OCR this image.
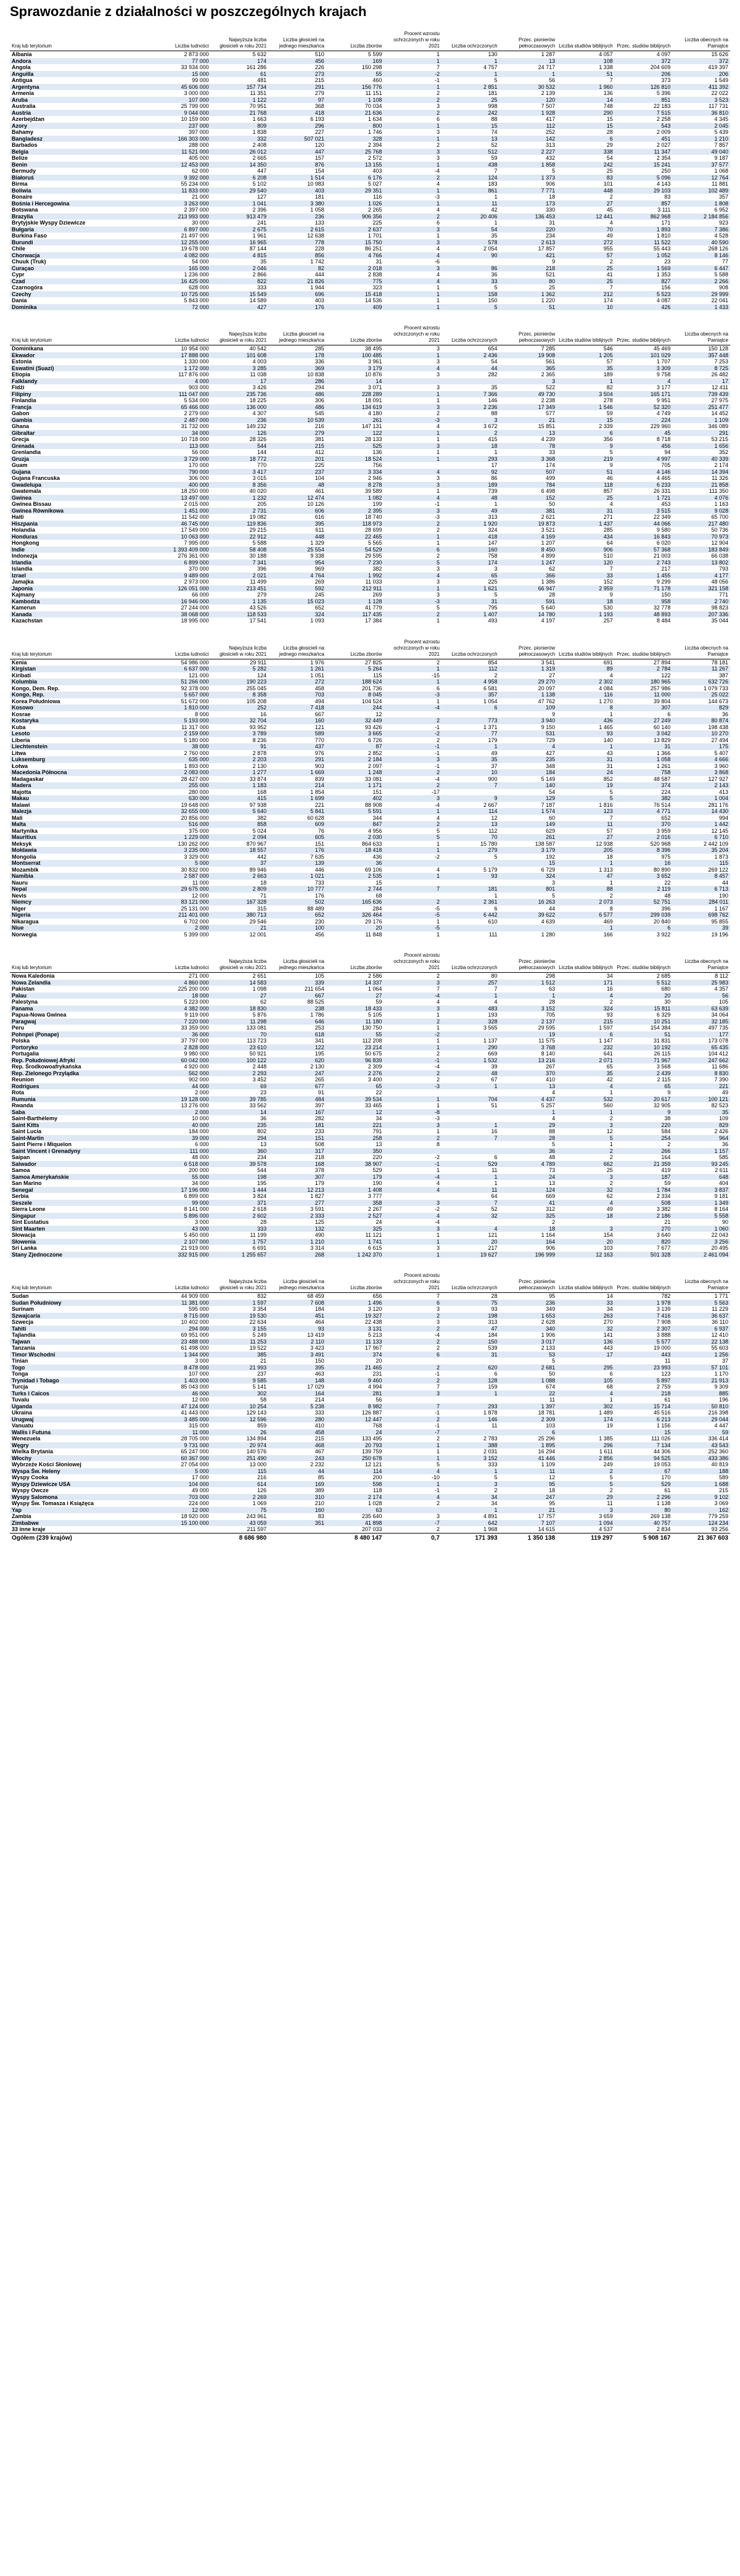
Sprawozdanie z działalności w poszczególnych krajach
Kraj lub terytorium	Liczba ludności	Najwyższa liczba głosicieli w roku 2021	Liczba głosicieli na jednego mieszkańca	Liczba zborów	Procent wzrostu ochrzczonych w roku 2021	Liczba ochrzczonych	Przec. pionierów pełnoczasowych	Liczba studiów biblijnych	Przec. studiów biblijnych	Liczba obecnych na Pamiątce
Albania	2 873 000	5 632	510	5 599	1	130	1 287	4 057	4 097	15 626
Andora	77 000	174	456	169	1	1	13	108	372	372
Angola	33 934 000	161 286	226	150 298	7	4 757	24 717	1 338	204 609	419 397
Anguilla	15 000	61	273	55	-2	1	1	51	206	206
Antigua	99 000	481	215	460	-1	5	56	7	373	1 549
Argentyna	45 606 000	157 734	291	156 776	1	2 851	30 532	1 960	126 810	411 392
Armenia	3 000 000	11 351	279	11 151	2	181	2 139	136	5 396	22 022
Aruba	107 000	1 122	97	1 108	2	25	120	14	851	3 523
Australia	25 799 000	70 951	368	70 034	3	998	7 507	748	22 183	117 731
Austria	9 044 000	21 768	418	21 636	2	242	1 928	290	7 515	36 810
Azerbejdżan	10 159 000	1 663	6 193	1 634	6	88	417	15	2 258	4 345
Azory	237 000	809	296	800	1	15	112	15	543	2 045
Bahamy	397 000	1 838	227	1 746	3	74	252	28	2 009	5 439
Bangladesz	166 303 000	332	507 021	328	1	13	142	6	451	1 210
Barbados	288 000	2 408	120	2 394	2	52	313	29	2 027	7 857
Belgia	11 521 000	26 012	447	25 768	3	512	2 227	338	11 347	49 040
Belize	405 000	2 665	157	2 572	3	59	432	54	2 354	9 187
Benin	12 453 000	14 350	876	13 155	1	438	1 858	242	15 241	37 577
Bermudy	62 000	447	154	403	-4	7	5	25	250	1 068
Białoruś	9 392 000	6 208	1 514	6 176	2	124	1 373	83	5 096	12 764
Birma	55 234 000	5 102	10 983	5 027	4	183	906	101	4 143	11 881
Boliwia	11 833 000	29 540	403	29 351	1	861	7 771	448	29 103	102 489
Bonaire	21 000	127	181	116	-3	1	18	2	83	357
Bośnia i Hercegowina	3 263 000	1 041	3 380	1 026	1	11	173	27	857	1 808
Botswana	2 397 000	2 396	1 058	2 265	4	42	330	45	3 111	6 952
Brazylia	213 993 000	913 479	236	906 356	2	20 406	136 453	12 441	862 968	2 184 856
Brytyjskie Wyspy Dziewicze	30 000	241	133	225	6	1	31	4	171	923
Bułgaria	6 897 000	2 675	2 615	2 637	3	54	220	70	1 893	7 386
Burkina Faso	21 497 000	1 961	12 638	1 701	1	35	234	49	1 810	4 528
Burundi	12 255 000	16 965	778	15 750	3	578	2 613	272	11 522	40 590
Chile	19 678 000	87 144	228	86 251	4	2 054	17 857	955	55 443	268 126
Chorwacja	4 082 000	4 815	856	4 766	4	90	421	57	1 052	8 146
Chuuk (Truk)	54 000	35	1 742	31	-6		9	2	23	77
Curaçao	165 000	2 046	82	2 018	3	86	218	25	1 569	6 447
Cypr	1 236 000	2 866	444	2 838	4	36	521	41	1 353	5 588
Czad	16 425 000	822	21 826	775	4	33	80	25	827	2 266
Czarnogóra	628 000	333	1 944	323	1	5	25	7	156	908
Czechy	10 725 000	15 549	696	15 418	1	158	1 362	212	5 523	29 999
Dania	5 843 000	14 589	403	14 536	1	150	1 220	174	4 087	22 041
Dominika	72 000	427	176	409	1	5	51	10	426	1 433
Kraj lub terytorium	Liczba ludności	Najwyższa liczba głosicieli w roku 2021	Liczba głosicieli na jednego mieszkańca	Liczba zborów	Procent wzrostu ochrzczonych w roku 2021	Liczba ochrzczonych	Przec. pionierów pełnoczasowych	Liczba studiów biblijnych	Przec. studiów biblijnych	Liczba obecnych na Pamiątce
Dominikana	10 954 000	40 542	285	38 495	3	654	7 285	546	45 469	150 128
Ekwador	17 888 000	101 608	178	100 485	1	2 436	19 908	1 205	101 029	357 448
Estonia	1 330 000	4 003	336	3 961	3	54	561	57	1 707	7 253
Eswatini (Suazi)	1 172 000	3 285	369	3 179	4	44	365	35	3 309	8 725
Etiopia	117 876 000	11 038	10 838	10 876	3	282	2 365	189	9 758	26 482
Falklandy	4 000	17	286	14			3	1	4	17
Fidżi	903 000	3 426	294	3 071	3	35	522	82	3 177	12 411
Filipiny	111 047 000	235 736	486	228 289	1	7 366	49 730	3 504	165 171	739 439
Finlandia	5 534 000	18 225	306	18 091	1	146	2 238	278	9 951	27 975
Francja	65 466 000	136 000	486	134 619	3	2 236	17 349	1 546	52 320	251 477
Gabon	2 279 000	4 307	545	4 180	2	88	577	59	4 749	14 452
Gambia	2 487 000	236	10 539	261	-3	3	21	15	224	1 109
Ghana	31 732 000	149 232	216	147 131	4	3 672	15 851	2 339	229 960	346 089
Gibraltar	34 000	126	279	122	1	2	13	6	45	291
Grecja	10 718 000	28 326	381	28 133	1	415	4 239	356	8 718	53 215
Grenada	113 000	544	215	525	3	18	78	9	456	1 656
Grenlandia	56 000	144	412	136	1	1	33	5	94	352
Gruzja	3 729 000	18 772	201	18 524	1	293	3 368	219	4 997	40 339
Guam	170 000	770	225	756		17	174	9	705	2 174
Gujana	790 000	3 417	237	3 334	4	92	507	51	4 146	14 394
Gujana Francuska	306 000	3 015	104	2 946	3	86	499	46	4 465	11 326
Gwadelupa	400 000	8 356	48	8 278	3	189	784	118	6 233	21 858
Gwatemala	18 250 000	40 020	461	39 589	1	739	6 498	857	26 331	111 350
Gwinea	13 497 000	1 232	12 474	1 082	4	48	152	25	1 721	4 076
Gwinea Bissau	2 015 000	205	10 126	199	-1	1	50	4	453	1 163
Gwinea Równikowa	1 451 000	2 731	606	2 395	3	49	381	31	3 515	9 028
Haiti	11 542 000	19 082	616	18 740	-3	313	2 621	271	22 349	65 700
Hiszpania	46 745 000	119 836	395	118 973	2	1 920	19 873	1 437	44 066	217 480
Holandia	17 549 000	29 215	611	28 699	2	324	3 521	285	9 580	50 736
Honduras	10 063 000	22 912	448	22 465	1	418	4 169	434	16 843	70 973
Hongkong	7 995 000	5 588	1 329	5 565	1	147	1 207	64	6 020	12 904
Indie	1 393 409 000	58 408	25 554	54 529	6	160	8 450	906	57 368	183 849
Indonezja	276 361 000	30 188	9 338	29 595	2	758	4 899	510	21 003	66 038
Irlandia	6 899 000	7 341	954	7 230	5	174	1 247	120	2 743	13 802
Islandia	370 000	396	969	382	3	3	62	7	217	793
Izrael	9 489 000	2 021	4 764	1 992	4	65	366	33	1 455	4 177
Jamajka	2 973 000	11 499	269	11 033	3	225	1 386	152	9 299	48 056
Japonia	126 051 000	213 451	592	212 911	1	1 621	66 947	2 959	71 178	321 158
Kajmany	66 000	279	245	269	3	5	28	9	150	771
Kambodża	16 946 000	1 135	15 023	1 128	-3	31	591	18	958	2 740
Kamerun	27 244 000	43 526	652	41 779	5	795	5 640	530	32 778	98 823
Kanada	38 068 000	118 533	324	117 435	2	1 407	14 780	1 193	48 893	207 336
Kazachstan	18 995 000	17 541	1 093	17 384	1	493	4 197	257	8 484	35 044
Kraj lub terytorium	Liczba ludności	Najwyższa liczba głosicieli w roku 2021	Liczba głosicieli na jednego mieszkańca	Liczba zborów	Procent wzrostu ochrzczonych w roku 2021	Liczba ochrzczonych	Przec. pionierów pełnoczasowych	Liczba studiów biblijnych	Przec. studiów biblijnych	Liczba obecnych na Pamiątce
Kenia	54 986 000	29 911	1 976	27 825	2	854	3 541	691	27 894	78 181
Kirgistan	6 637 000	5 282	1 261	5 264	1	112	1 319	89	2 784	11 267
Kiribati	121 000	124	1 051	115	-15	2	27	4	122	387
Kolumbia	51 266 000	190 223	272	188 624	1	4 958	29 270	2 302	180 965	632 726
Kongo, Dem. Rep.	92 378 000	255 045	458	201 736	6	6 581	20 097	4 084	257 986	1 079 733
Kongo, Rep.	5 657 000	8 358	703	8 045	-3	357	1 138	116	11 000	25 022
Korea Południowa	51 672 000	105 208	494	104 524	1	1 054	47 762	1 270	39 804	144 673
Kosowo	1 810 000	252	7 418	244	-4	6	109	8	307	829
Kosrae	8 000	16	667	12			9	1	6	36
Kostaryka	5 193 000	32 704	160	32 449	2	773	3 940	436	27 249	80 874
Kuba	11 317 000	93 952	121	93 426	-1	1 371	9 150	1 465	60 140	198 438
Lesoto	2 159 000	3 789	589	3 665	-2	77	531	93	3 042	10 270
Liberia	5 180 000	8 236	770	6 726	2	179	729	140	13 829	27 494
Liechtenstein	38 000	91	437	87	-1	1	4	1	31	175
Litwa	2 760 000	2 878	976	2 852	-1	49	427	43	1 366	5 407
Luksemburg	635 000	2 203	291	2 184	3	35	235	31	1 058	4 666
Łotwa	1 893 000	2 130	903	2 097	-1	37	348	31	1 261	3 960
Macedonia Północna	2 083 000	1 277	1 669	1 248	2	10	184	24	758	3 868
Madagaskar	28 427 000	33 874	839	33 081	-4	900	5 149	852	48 587	127 927
Madera	255 000	1 183	214	1 171	2	7	140	19	374	2 143
Majotta	280 000	168	1 854	151	-17		54	5	224	413
Makau	630 000	415	1 699	402	3	9	129	5	382	1 004
Malawi	19 648 000	97 938	221	88 908	-4	2 667	7 187	1 816	76 514	281 176
Malezja	32 655 000	5 640	5 841	5 591	1	114	1 574	123	4 771	14 430
Mali	20 856 000	382	60 628	344	4	12	60	7	652	994
Malta	516 000	858	609	847	2	13	149	11	370	1 442
Martynika	375 000	5 024	76	4 956	5	112	629	57	3 959	12 145
Mauritius	1 229 000	2 094	605	2 030	5	70	261	27	2 016	6 710
Meksyk	130 262 000	870 967	151	864 633	1	15 780	138 587	12 938	520 968	2 442 109
Mołdawia	3 235 000	18 557	176	18 418	1	279	3 179	205	8 396	35 204
Mongolia	3 329 000	442	7 635	436	-2	5	192	18	975	1 873
Montserrat	5 000	37	139	36			15	1	16	115
Mozambik	30 832 000	89 946	446	69 106	4	5 179	6 729	1 313	80 890	269 122
Namibia	2 587 000	2 663	1 021	2 535	1	93	324	47	3 652	8 457
Nauru	11 000	18	733	15			3	1	22	44
Nepal	29 675 000	2 809	10 777	2 744	7	181	801	88	2 119	6 713
Nevis	12 000	71	176	68		1	5	2	48	190
Niemcy	83 121 000	167 328	502	165 636	2	2 361	16 263	2 073	52 751	284 011
Niger	25 131 000	315	88 489	284	-5	6	44	8	396	1 167
Nigeria	211 401 000	380 713	652	326 464	-5	6 442	39 622	6 577	299 039	698 762
Nikaragua	6 702 000	29 546	230	29 176	1	610	4 639	469	20 840	95 855
Niue	2 000	21	100	20	-5			1	6	39
Norwegia	5 399 000	12 001	456	11 848	1	111	1 280	166	3 922	19 196
Kraj lub terytorium	Liczba ludności	Najwyższa liczba głosicieli w roku 2021	Liczba głosicieli na jednego mieszkańca	Liczba zborów	Procent wzrostu ochrzczonych w roku 2021	Liczba ochrzczonych	Przec. pionierów pełnoczasowych	Liczba studiów biblijnych	Przec. studiów biblijnych	Liczba obecnych na Pamiątce
Nowa Kaledonia	271 000	2 651	105	2 586	2	80	298	34	2 685	8 112
Nowa Zelandia	4 860 000	14 583	339	14 337	3	257	1 512	171	5 512	25 983
Pakistan	225 200 000	1 098	211 654	1 064	7	7	63	16	680	4 357
Palau	18 000	27	667	27	-4	1	1	4	20	56
Palestyna	5 223 000	62	88 525	59	4	4	28	2	30	105
Panama	4 382 000	18 830	238	18 433	3	483	3 152	324	15 811	63 639
Papua-Nowa Gwinea	9 119 000	5 876	1 786	5 105	1	193	705	93	6 329	34 064
Paragwaj	7 220 000	11 298	646	11 180	2	328	2 137	215	10 251	32 185
Peru	33 359 000	133 081	253	130 750	1	3 565	29 595	1 597	154 384	497 735
Pohnpei (Ponape)	36 000	70	618	55	-2		19	6	51	177
Polska	37 797 000	113 723	341	112 208	1	1 137	11 575	1 147	31 831	173 078
Portoryko	2 828 000	23 610	122	23 214	1	290	3 768	232	10 192	65 435
Portugalia	9 980 000	50 921	195	50 675	2	669	8 140	641	26 115	104 412
Rep. Południowej Afryki	60 042 000	100 122	620	96 839	-1	1 532	13 216	2 071	71 967	247 662
Rep. Środkowoafrykańska	4 920 000	2 448	2 130	2 309	-4	39	267	65	3 568	11 686
Rep. Zielonego Przylądka	562 000	2 293	247	2 276	2	48	370	35	2 439	8 830
Reunion	902 000	3 452	265	3 400	2	67	410	42	2 115	7 390
Rodrigues	44 000	69	677	65	-3	1	13	4	65	221
Rota	2 000	23	91	22			4	1	9	49
Rumunia	19 128 000	39 785	484	39 534	1	704	4 437	532	20 617	100 121
Rwanda	13 276 000	33 562	397	33 465	1	51	5 257	560	32 905	82 523
Saba	2 000	14	167	12	-8		1	1	9	35
Saint-Barthélemy	10 000	36	282	34	-3		4	2	38	109
Saint Kitts	40 000	235	181	221	3	1	29	3	220	829
Saint Lucia	184 000	802	233	791	1	16	88	12	584	2 426
Saint-Martin	39 000	294	151	258	2	7	28	5	254	964
Saint Pierre i Miquelon	6 000	13	508	13	8		5	1	2	36
Saint Vincent i Grenadyny	111 000	360	317	350			36	2	266	1 157
Saipan	48 000	234	218	220	-2	6	48	2	164	585
Salwador	6 518 000	39 578	168	38 907	-1	529	4 789	662	21 359	93 245
Samoa	200 000	544	378	529	1	11	73	25	419	2 611
Samoa Amerykańskie	55 000	198	307	179	-4	1	24	3	187	648
San Marino	34 000	195	179	190	4	1	13	2	59	404
Senegal	17 196 000	1 444	12 213	1 408	4	11	124	32	1 784	3 837
Serbia	6 899 000	3 824	1 827	3 777		64	669	62	2 334	9 181
Seszele	99 000	371	277	358	3	7	41	4	508	1 349
Sierra Leone	8 141 000	2 618	3 591	2 267	-2	52	312	49	3 382	8 164
Singapur	5 896 000	2 602	2 333	2 527	4	32	325	18	2 186	5 558
Sint Eustatius	3 000	28	125	24	-4		2		21	90
Sint Maarten	43 000	333	132	325	3	4	18	3	270	1 060
Słowacja	5 450 000	11 199	490	11 121	1	121	1 164	154	3 640	22 043
Słowenia	2 107 000	1 757	1 210	1 741	1	20	164	20	820	3 256
Sri Lanka	21 919 000	6 691	3 314	6 615	3	217	906	103	7 677	20 495
Stany Zjednoczone	332 915 000	1 255 657	268	1 242 370	1	19 627	196 999	12 163	501 328	2 461 094
Kraj lub terytorium	Liczba ludności	Najwyższa liczba głosicieli w roku 2021	Liczba głosicieli na jednego mieszkańca	Liczba zborów	Procent wzrostu ochrzczonych w roku 2021	Liczba ochrzczonych	Przec. pionierów pełnoczasowych	Liczba studiów biblijnych	Przec. studiów biblijnych	Liczba obecnych na Pamiątce
Sudan	44 909 000	832	68 459	656	7	28	95	14	782	1 771
Sudan Południowy	11 381 000	1 597	7 608	1 496	6	75	236	33	1 978	5 563
Surinam	595 000	3 354	184	3 120	3	93	349	34	3 139	11 229
Szwajcaria	8 715 000	19 530	451	19 327	2	198	1 653	263	7 416	36 637
Szwecja	10 402 000	22 634	464	22 438	3	313	2 628	270	7 908	36 110
Tahiti	294 000	3 155	93	3 131	2	47	340	32	2 307	6 937
Tajlandia	69 951 000	5 249	13 419	5 213	-4	184	1 906	141	3 888	12 410
Tajwan	23 488 000	11 253	2 110	11 133	2	150	3 017	136	5 577	22 138
Tanzania	61 498 000	19 522	3 423	17 967	2	539	2 133	443	19 000	55 603
Timor Wschodni	1 344 000	385	3 491	374	6	31	53	17	443	1 256
Tinian	3 000	21	150	20			5		11	37
Togo	8 478 000	21 993	395	21 465	2	620	2 681	295	23 993	57 101
Tonga	107 000	237	463	231	-1	6	50	6	123	1 170
Trynidad i Tobago	1 403 000	9 585	148	9 460	2	128	1 088	105	5 897	21 913
Turcja	85 043 000	5 141	17 029	4 994	7	159	674	68	2 759	9 309
Turks i Caicos	46 000	302	164	281	3	1	22	4	218	885
Tuvalu	12 000	58	214	56			11	1	61	196
Uganda	47 124 000	10 254	5 238	8 982	7	293	1 397	302	15 714	50 810
Ukraina	41 443 000	129 143	333	126 887	-1	1 878	18 781	1 489	45 516	216 398
Urugwaj	3 485 000	12 596	280	12 447	2	146	2 309	174	6 213	29 044
Vanuatu	315 000	859	410	768	-1	11	103	19	1 156	4 447
Wallis i Futuna	11 000	26	458	24	-7		6		15	59
Wenezuela	28 705 000	134 894	215	133 495	2	2 783	25 296	1 385	111 026	336 414
Węgry	9 731 000	20 974	468	20 793	1	388	1 895	296	7 134	43 543
Wielka Brytania	65 247 000	140 576	467	139 759	1	2 031	16 294	1 611	44 306	252 360
Włochy	60 367 000	251 490	243	250 678	1	3 152	41 446	2 856	94 525	433 386
Wybrzeże Kości Słoniowej	27 054 000	13 000	2 232	12 121	5	333	1 109	249	19 053	40 819
Wyspa Św. Heleny	5 000	115	44	114	4	1	11	2	67	188
Wyspy Cooka	17 000	216	85	200	-10	5	12	5	170	589
Wyspy Dziewicze USA	104 000	614	169	598	1	3	95	5	529	1 688
Wyspy Owcze	49 000	126	389	118	-1	2	18	2	61	215
Wyspy Salomona	703 000	2 269	310	2 174	4	34	247	29	2 296	9 102
Wyspy Św. Tomasza i Książęca	224 000	1 069	210	1 028	2	34	95	11	1 138	3 069
Yap	12 000	75	160	63		1	21	3	80	162
Zambia	18 920 000	243 961	83	235 640	3	4 891	17 757	3 659	269 138	779 259
Zimbabwe	15 100 000	43 059	351	41 898	-7	642	7 107	1 094	40 757	124 234
33 inne kraje		211 597		207 033	2	1 968	14 615	4 537	2 834	93 256
Ogółem (239 krajów)		8 686 980		8 480 147	0,7	171 393	1 350 138	119 297	5 908 167	21 367 603
